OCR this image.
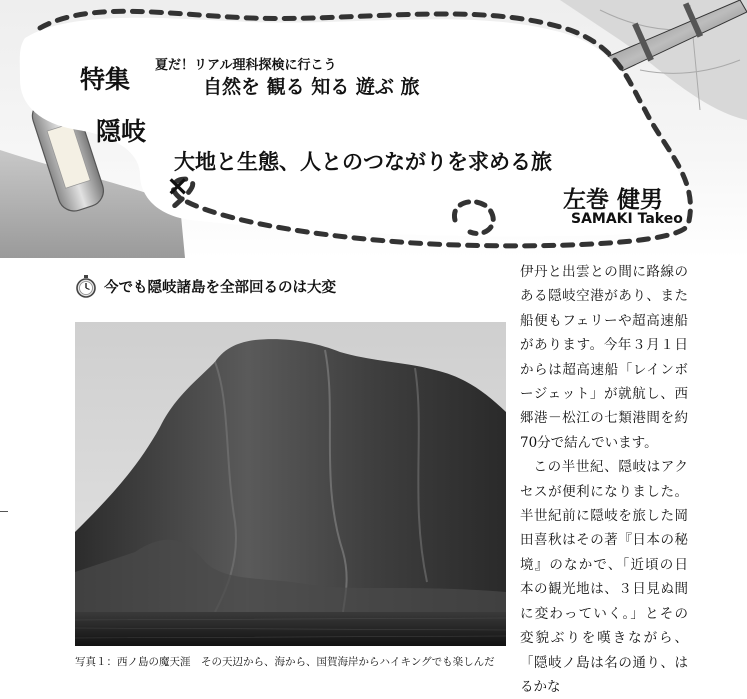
特集 夏だ！リアル理科探検に行こう
自然を 観る 知る 遊ぶ 旅
隠岐
大地と生態、人とのつながりを求める旅
×	左巻 健男
SAMAKI Takeo
今でも隠岐諸島を全部回るのは大変
写真１：西ノ島の魔天涯　その天辺から、海から、国賀海岸からハイキングでも楽しんだ

伊丹と出雲との間に路線のある隠岐空港があり、また船便もフェリーや超高速船があります。今年３月１日からは超高速船「レインボージェット」が就航し、西郷港－松江の七類港間を約70分で結んでいます。

この半世紀、隠岐はアクセスが便利になりました。半世紀前に隠岐を旅した岡田喜秋はその著『日本の秘境』のなかで、「近頃の日本の観光地は、３日見ぬ間に変わっていく。」とその変貌ぶりを嘆きながら、「隠岐ノ島は名の通り、はるかな
